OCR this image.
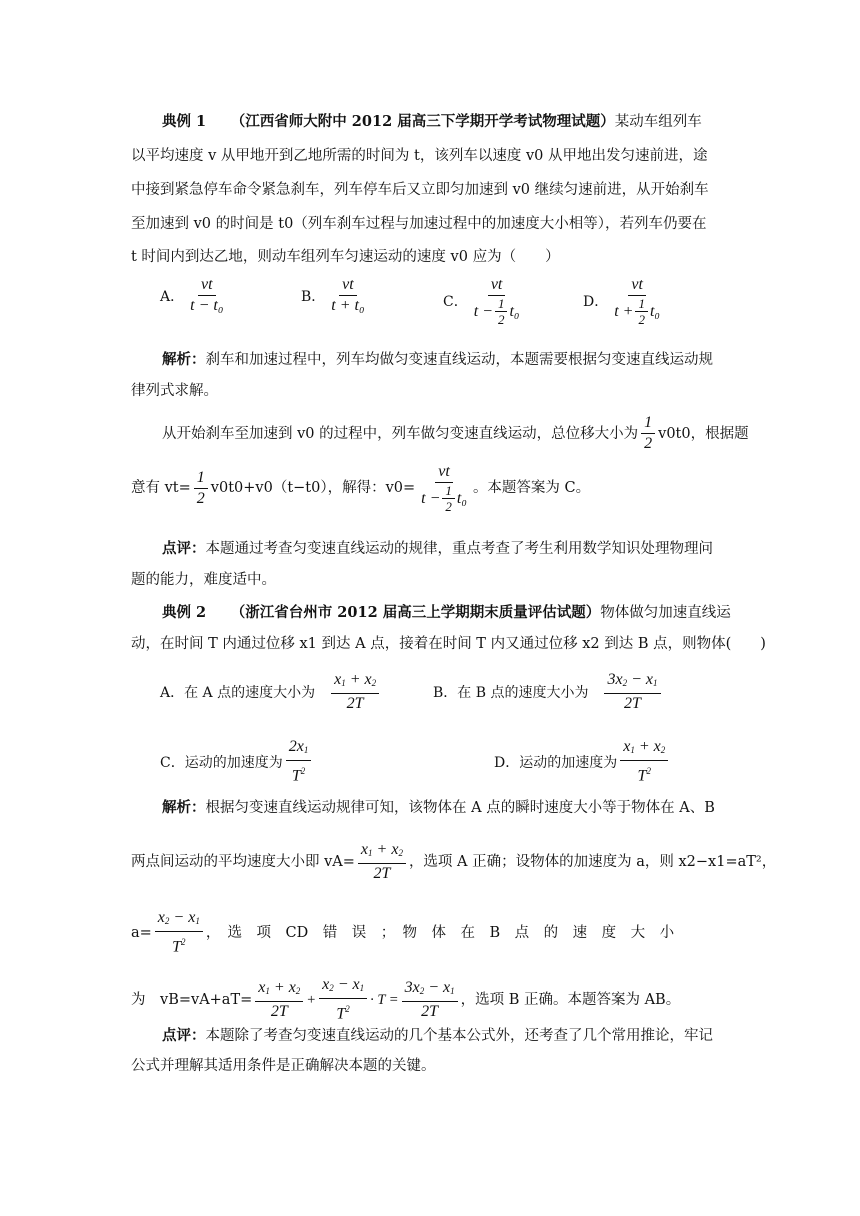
典例 1 （江西省师大附中 2012 届高三下学期开学考试物理试题）某动车组列车
以平均速度 v 从甲地开到乙地所需的时间为 t，该列车以速度 v0 从甲地出发匀速前进，途
中接到紧急停车命令紧急刹车，列车停车后又立即匀加速到 v0 继续匀速前进，从开始刹车
至加速到 v0 的时间是 t0（列车刹车过程与加速过程中的加速度大小相等），若列车仍要在
t 时间内到达乙地，则动车组列车匀速运动的速度 v0 应为（　　）
A． $\frac{vt}{\text{t − t₀}}$	B． $\frac{vt}{\text{t + t₀}}$	C． $\frac{vt}{t - \frac{1}{2} t_0}$	D． $\frac{vt}{t + \frac{1}{2} t_0}$
解析：刹车和加速过程中，列车均做匀变速直线运动，本题需要根据匀变速直线运动规
律列式求解。
从开始刹车至加速到 v0 的过程中，列车做匀变速直线运动，总位移大小为 $\frac{1}{2} v0t0$，根据题
意有 $vt= \frac{1}{2} v0t0+v0(t-t0)$，解得：$v0= \frac{vt}{t - \frac{1}{2} t_0}$ 。本题答案为 C。
点评：本题通过考查匀变速直线运动的规律，重点考查了考生利用数学知识处理物理问
题的能力，难度适中。
典例 2 （浙江省台州市 2012 届高三上学期期末质量评估试题）物体做匀加速直线运
动，在时间 T 内通过位移 x1 到达 A 点，接着在时间 T 内又通过位移 x2 到达 B 点，则物体(　　)
A．在 A 点的速度大小为 $\frac{x_1 + x_2}{2T}$	B．在 B 点的速度大小为 $\frac{3x_2 - x_1}{2T}$
C．运动的加速度为 $\frac{2x_1}{T^2}$	D．运动的加速度为 $\frac{x_1 + x_2}{T^2}$
解析：根据匀变速直线运动规律可知，该物体在 A 点的瞬时速度大小等于物体在 A、B
两点间运动的平均速度大小即 $vA= \frac{x_1 + x_2}{2T}$ ，选项 A 正确；设物体的加速度为 a，则 x2−x1=aT²，
$a= \frac{x_2 - x_1}{T^2}$ ，　选　项　CD　错　误　；　物　体　在　B　点　的　速　度　大　小
为　$vB=vA+aT= \frac{x_1 + x_2}{2T} + \frac{x_2 - x_1}{T^2} \cdot T = \frac{3x_2 - x_1}{2T}$ ，选项 B 正确。本题答案为 AB。
点评：本题除了考查匀变速直线运动的几个基本公式外，还考查了几个常用推论，牢记
公式并理解其适用条件是正确解决本题的关键。
